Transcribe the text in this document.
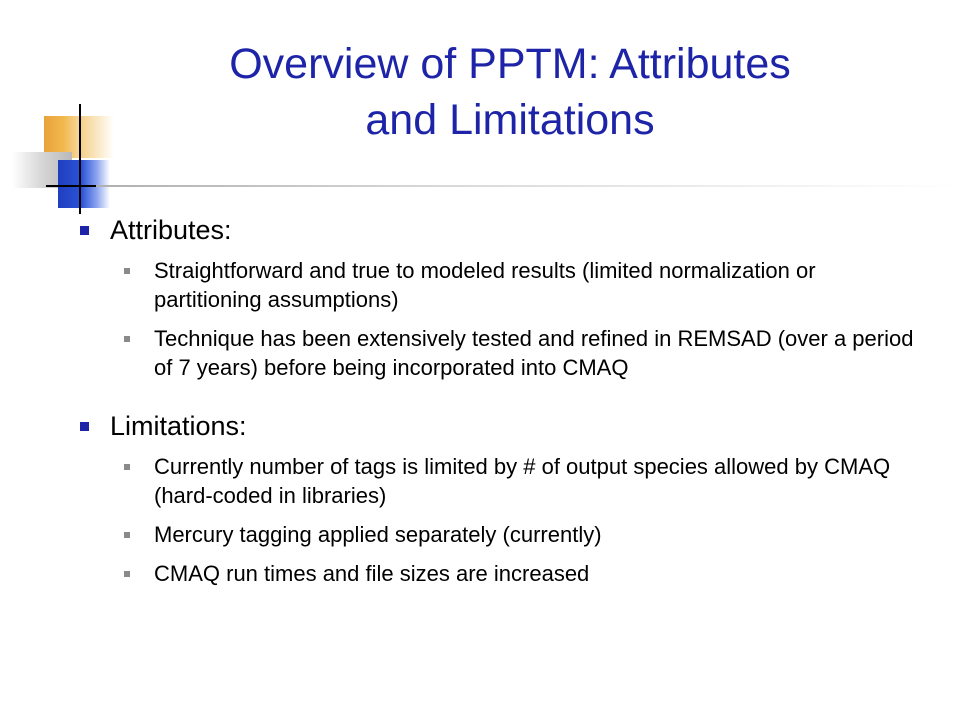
Overview of PPTM: Attributes
and Limitations

Attributes:

Straightforward and true to modeled results (limited normalization or partitioning assumptions)
Technique has been extensively tested and refined in REMSAD (over a period of 7 years) before being incorporated into CMAQ

Limitations:

Currently number of tags is limited by # of output species allowed by CMAQ (hard-coded in libraries)
Mercury tagging applied separately (currently)
CMAQ run times and file sizes are increased
